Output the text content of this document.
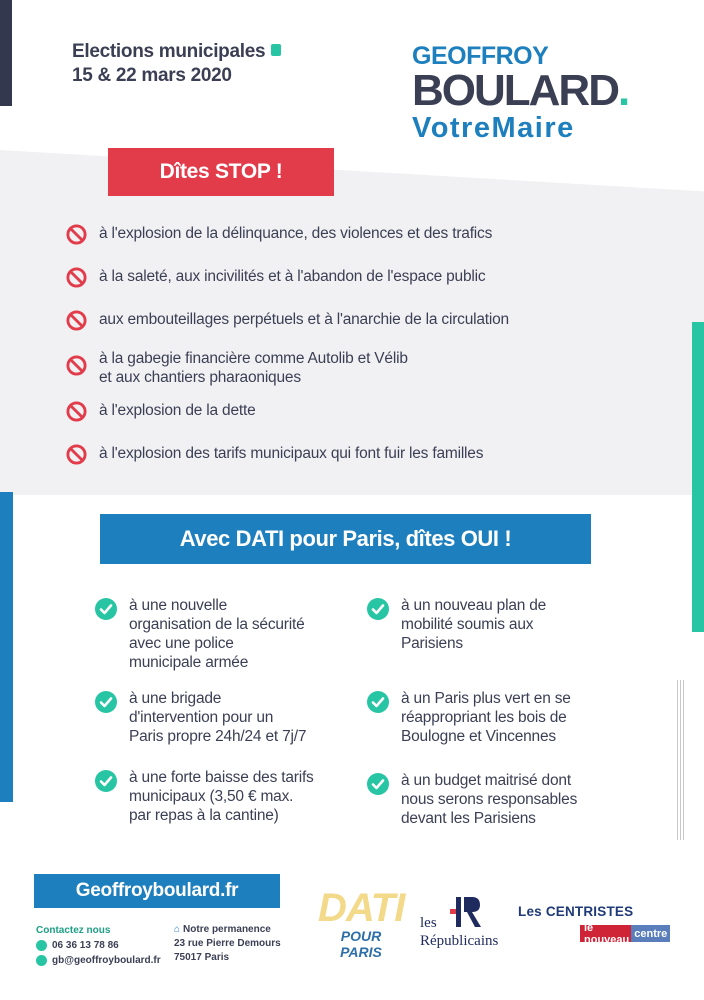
Elections municipales
15 & 22 mars 2020
GEOFFROY
BOULARD.
VotreMaire
Dîtes STOP !
à l'explosion de la délinquance, des violences et des trafics
à la saleté, aux incivilités et à l'abandon de l'espace public
aux embouteillages perpétuels et à l'anarchie de la circulation
à la gabegie financière comme Autolib et Vélib
et aux chantiers pharaoniques
à l'explosion de la dette
à l'explosion des tarifs municipaux qui font fuir les familles
Avec DATI pour Paris, dîtes OUI !
à une nouvelle
organisation de la sécurité
avec une police
municipale armée
à une brigade
d'intervention pour un
Paris propre 24h/24 et 7j/7
à une forte baisse des tarifs
municipaux (3,50 € max.
par repas à la cantine)
à un nouveau plan de
mobilité soumis aux
Parisiens
à un Paris plus vert en se
réappropriant les bois de
Boulogne et Vincennes
à un budget maitrisé dont
nous serons responsables
devant les Parisiens
Geoffroyboulard.fr
Contactez nous
06 36 13 78 86
gb@geoffroyboulard.fr
⌂ Notre permanence
23 rue Pierre Demours
75017 Paris
DATI
POUR PARIS
les
Républicains
Les CENTRISTES
le nouveau centre
